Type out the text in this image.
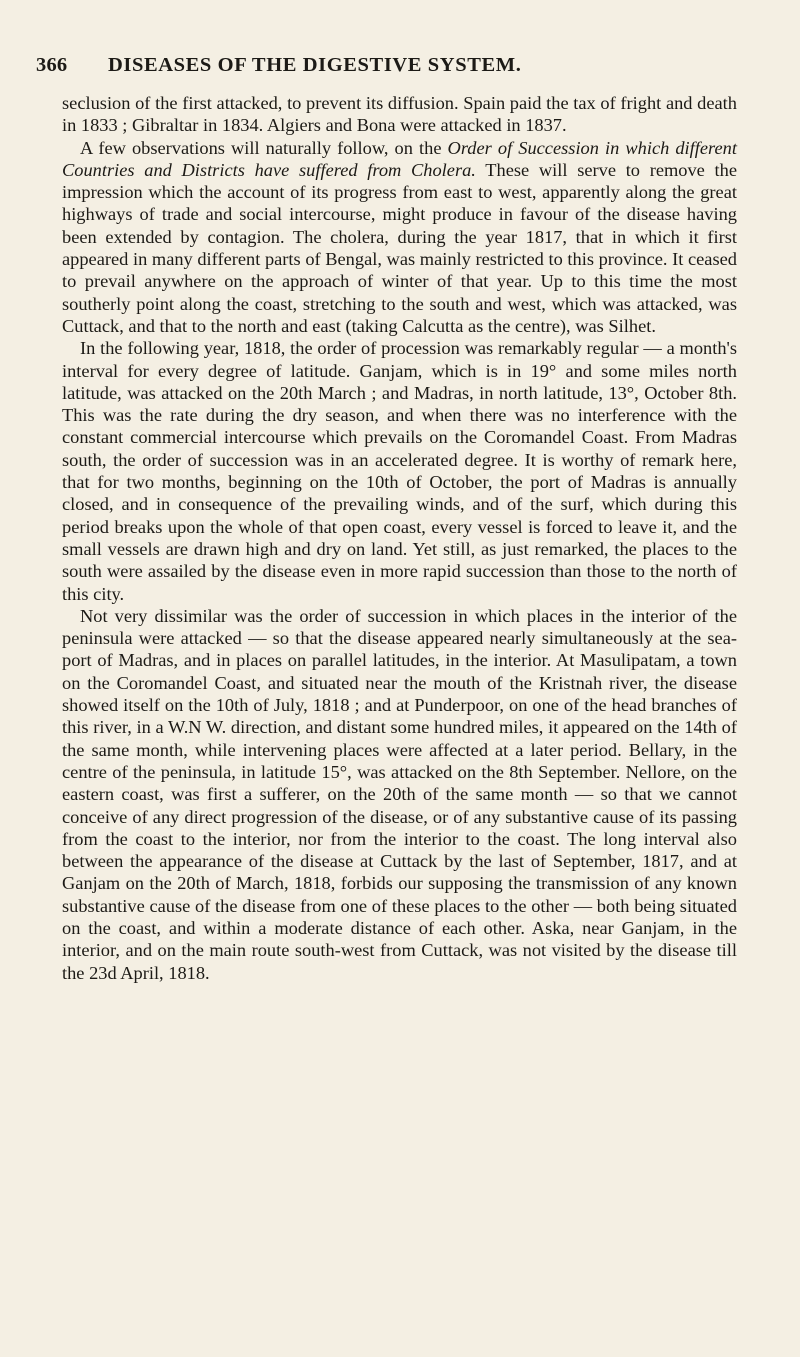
366	DISEASES OF THE DIGESTIVE SYSTEM.

seclusion of the first attacked, to prevent its diffusion. Spain paid the tax of fright and death in 1833 ; Gibraltar in 1834. Algiers and Bona were attacked in 1837.

A few observations will naturally follow, on the Order of Succession in which different Countries and Districts have suffered from Cholera. These will serve to remove the impression which the account of its progress from east to west, apparently along the great highways of trade and social intercourse, might produce in favour of the disease having been extended by contagion. The cholera, during the year 1817, that in which it first appeared in many different parts of Bengal, was mainly restricted to this province. It ceased to prevail anywhere on the approach of winter of that year. Up to this time the most southerly point along the coast, stretching to the south and west, which was attacked, was Cuttack, and that to the north and east (taking Calcutta as the centre), was Silhet.

In the following year, 1818, the order of procession was remarkably regular — a month's interval for every degree of latitude. Ganjam, which is in 19° and some miles north latitude, was attacked on the 20th March ; and Madras, in north latitude, 13°, October 8th. This was the rate during the dry season, and when there was no interference with the constant commercial intercourse which prevails on the Coromandel Coast. From Madras south, the order of succession was in an accelerated degree. It is worthy of remark here, that for two months, beginning on the 10th of October, the port of Madras is annually closed, and in consequence of the prevailing winds, and of the surf, which during this period breaks upon the whole of that open coast, every vessel is forced to leave it, and the small vessels are drawn high and dry on land. Yet still, as just remarked, the places to the south were assailed by the disease even in more rapid succession than those to the north of this city.

Not very dissimilar was the order of succession in which places in the interior of the peninsula were attacked — so that the disease appeared nearly simultaneously at the sea-port of Madras, and in places on parallel latitudes, in the interior. At Masulipatam, a town on the Coromandel Coast, and situated near the mouth of the Kristnah river, the disease showed itself on the 10th of July, 1818 ; and at Punderpoor, on one of the head branches of this river, in a W.N W. direction, and distant some hundred miles, it appeared on the 14th of the same month, while intervening places were affected at a later period. Bellary, in the centre of the peninsula, in latitude 15°, was attacked on the 8th September. Nellore, on the eastern coast, was first a sufferer, on the 20th of the same month — so that we cannot conceive of any direct progression of the disease, or of any substantive cause of its passing from the coast to the interior, nor from the interior to the coast. The long interval also between the appearance of the disease at Cuttack by the last of September, 1817, and at Ganjam on the 20th of March, 1818, forbids our supposing the transmission of any known substantive cause of the disease from one of these places to the other — both being situated on the coast, and within a moderate distance of each other. Aska, near Ganjam, in the interior, and on the main route south-west from Cuttack, was not visited by the disease till the 23d April, 1818.
